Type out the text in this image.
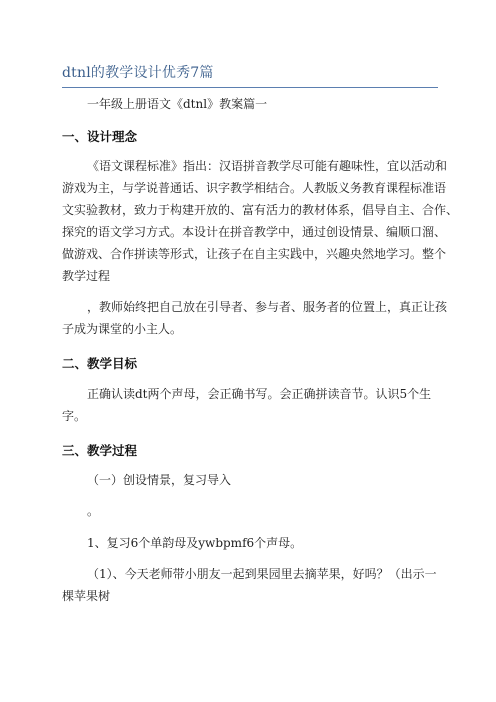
dtnl的教学设计优秀7篇
一年级上册语文《dtnl》教案篇一
一、设计理念
《语文课程标准》指出：汉语拼音教学尽可能有趣味性，宜以活动和
游戏为主，与学说普通话、识字教学相结合。人教版义务教育课程标准语
文实验教材，致力于构建开放的、富有活力的教材体系，倡导自主、合作、
探究的语文学习方式。本设计在拼音教学中，通过创设情景、编顺口溜、
做游戏、合作拼读等形式，让孩子在自主实践中，兴趣央然地学习。整个
教学过程
，教师始终把自己放在引导者、参与者、服务者的位置上，真正让孩
子成为课堂的小主人。
二、教学目标
正确认读dt两个声母，会正确书写。会正确拼读音节。认识5个生
字。
三、教学过程
（一）创设情景，复习导入
。
1、复习6个单韵母及ywbpmf6个声母。
（1）、今天老师带小朋友一起到果园里去摘苹果，好吗？（出示一
棵苹果树
